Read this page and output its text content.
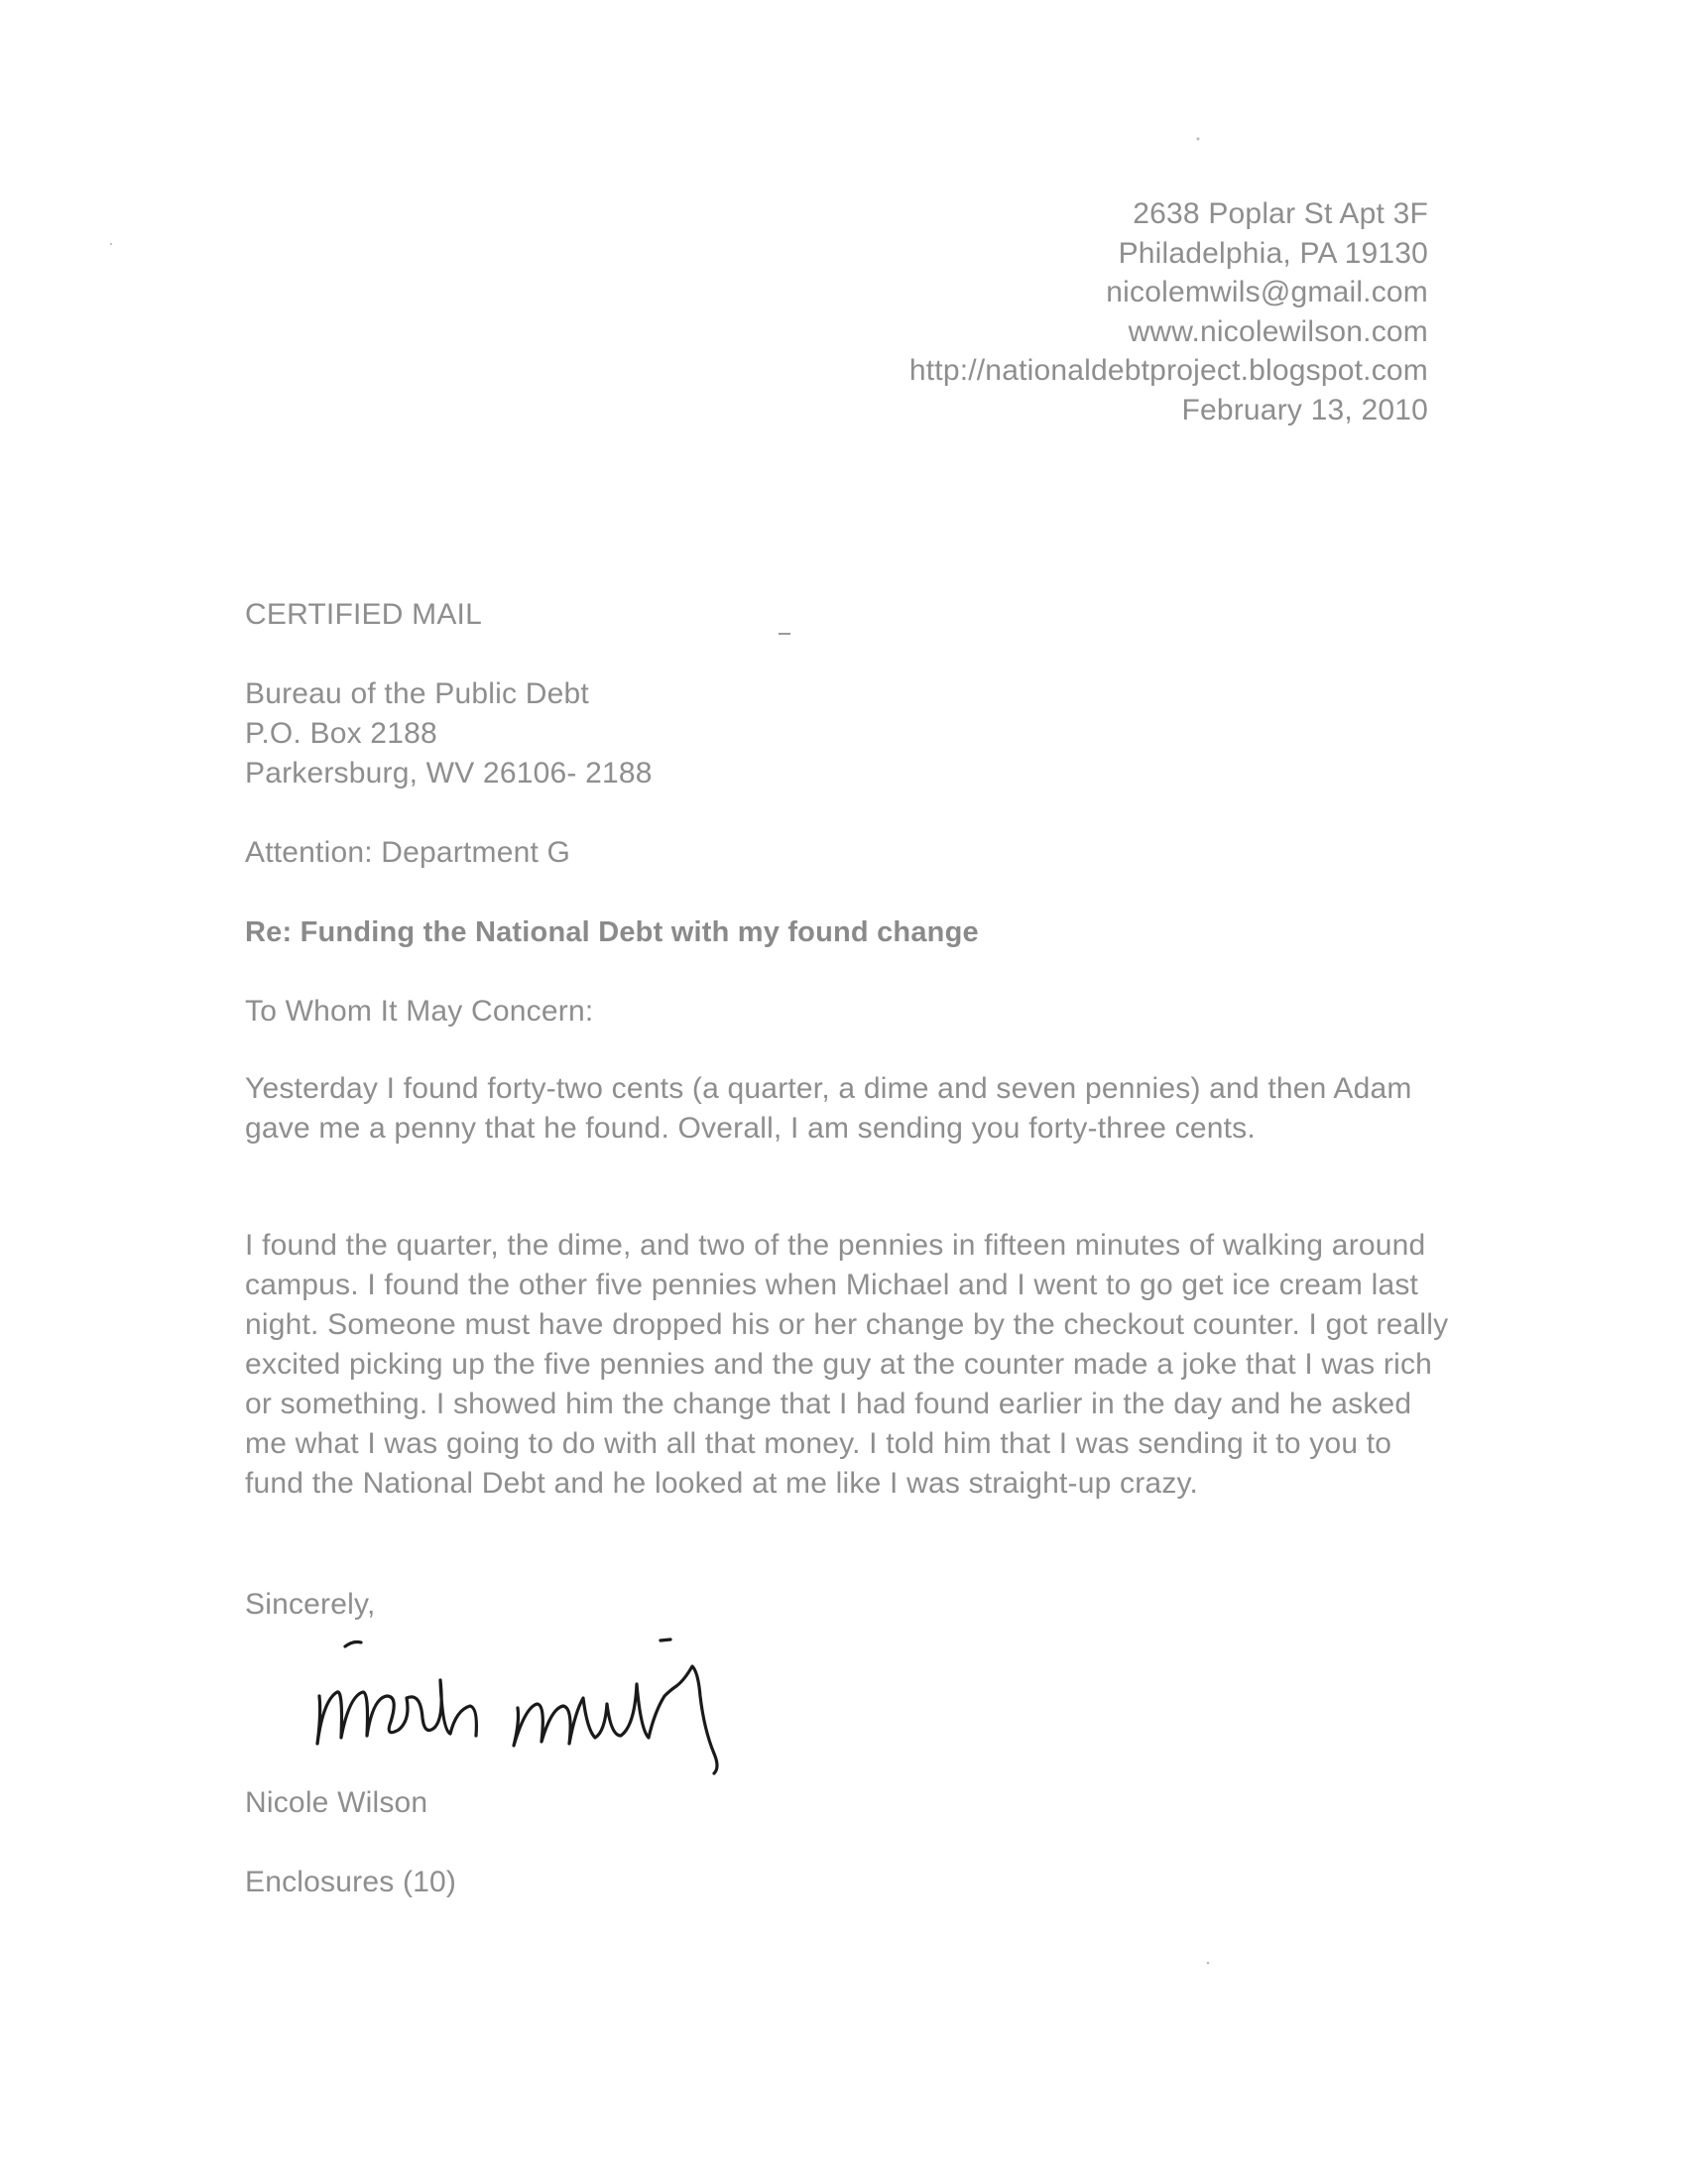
2638 Poplar St Apt 3F
Philadelphia, PA 19130
nicolemwils@gmail.com
www.nicolewilson.com
http://nationaldebtproject.blogspot.com
February 13, 2010
CERTIFIED MAIL
Bureau of the Public Debt
P.O. Box 2188
Parkersburg, WV 26106- 2188
Attention: Department G
Re: Funding the National Debt with my found change
To Whom It May Concern:

Yesterday I found forty-two cents (a quarter, a dime and seven pennies) and then Adam gave me a penny that he found. Overall, I am sending you forty-three cents.

I found the quarter, the dime, and two of the pennies in fifteen minutes of walking around campus. I found the other five pennies when Michael and I went to go get ice cream last night. Someone must have dropped his or her change by the checkout counter. I got really excited picking up the five pennies and the guy at the counter made a joke that I was rich or something. I showed him the change that I had found earlier in the day and he asked me what I was going to do with all that money. I told him that I was sending it to you to fund the National Debt and he looked at me like I was straight-up crazy.

Sincerely,
Nicole Wilson
Enclosures (10)
